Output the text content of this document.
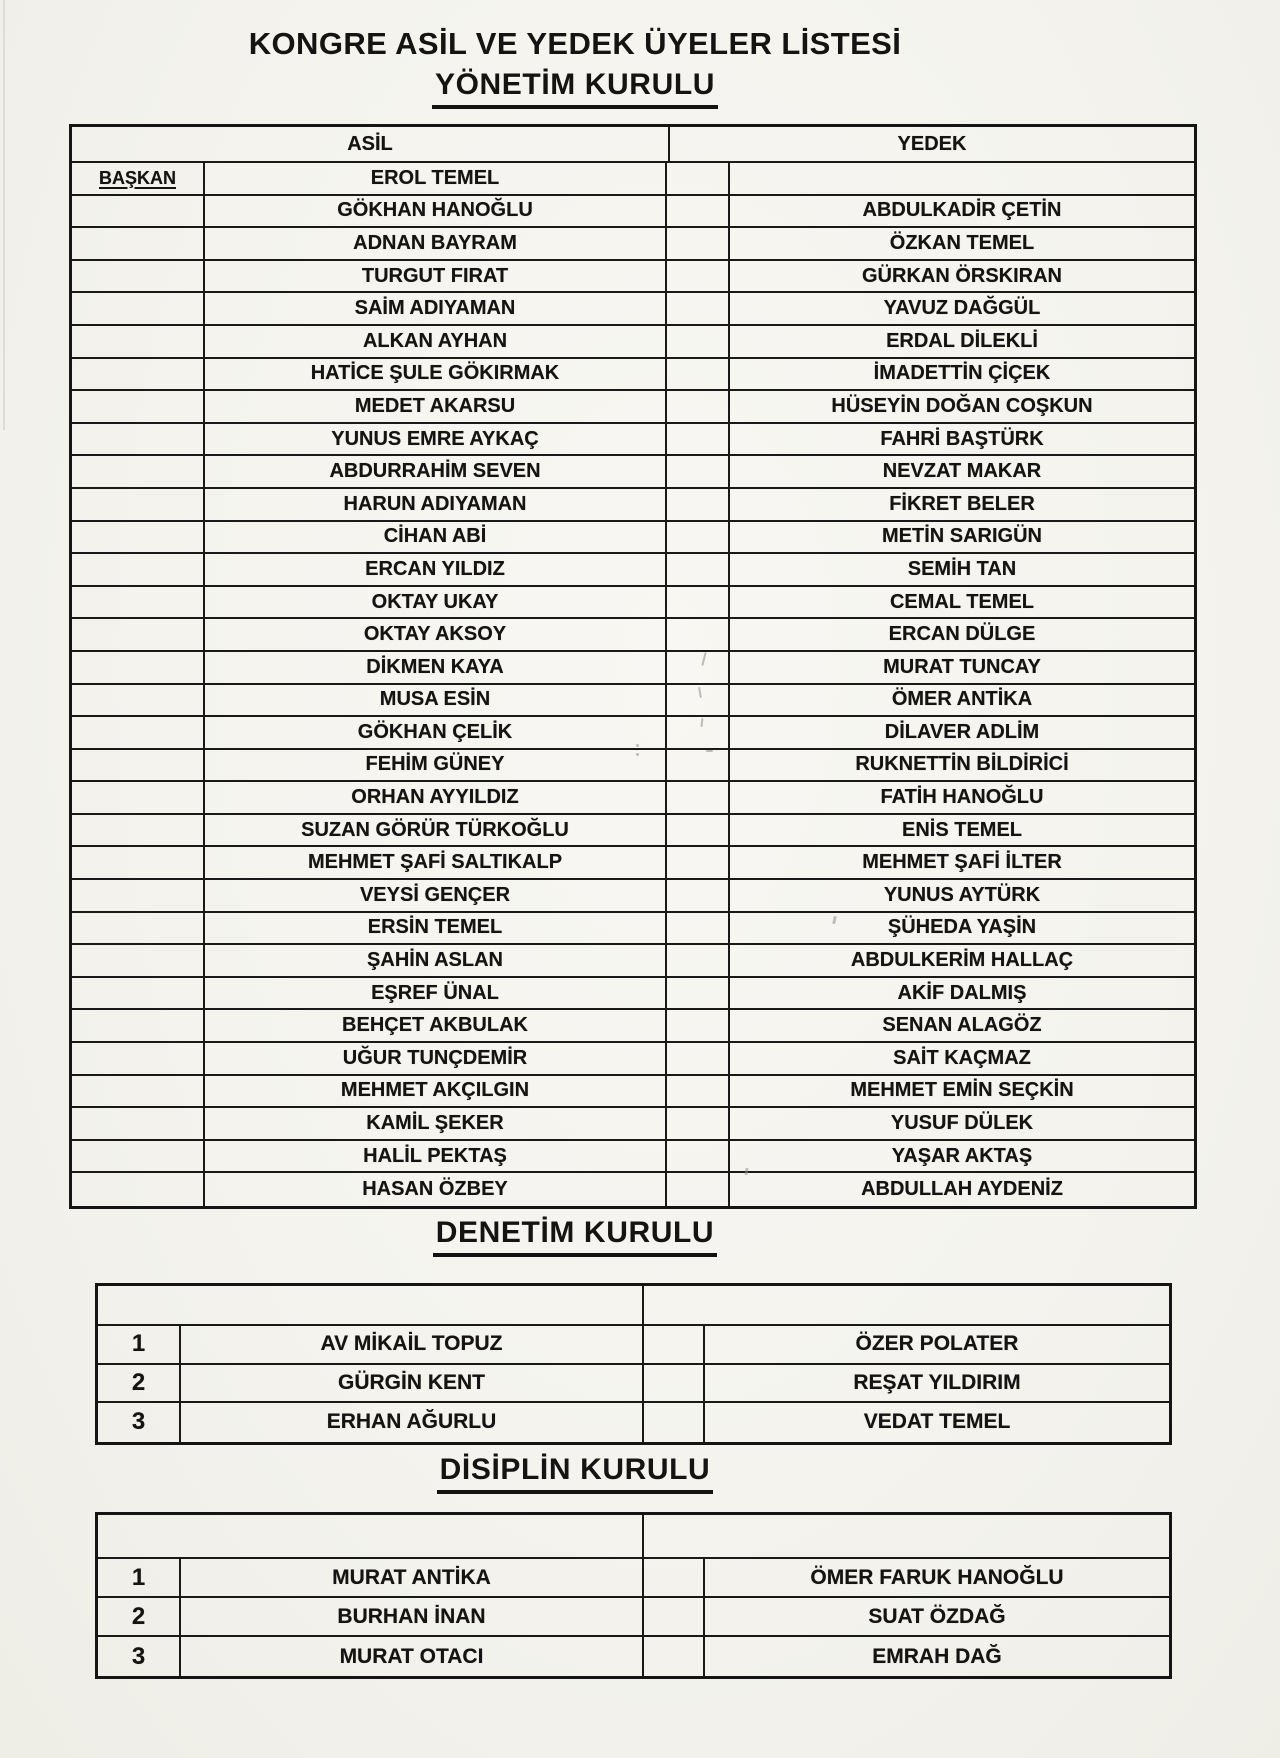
KONGRE ASİL VE YEDEK ÜYELER LİSTESİ
YÖNETİM KURULU
ASİL	YEDEK
BAŞKAN	EROL TEMEL
GÖKHAN HANOĞLU	ABDULKADİR ÇETİN
ADNAN BAYRAM	ÖZKAN TEMEL
TURGUT FIRAT	GÜRKAN ÖRSKIRAN
SAİM ADIYAMAN	YAVUZ DAĞGÜL
ALKAN AYHAN	ERDAL DİLEKLİ
HATİCE ŞULE GÖKIRMAK	İMADETTİN ÇİÇEK
MEDET AKARSU	HÜSEYİN DOĞAN COŞKUN
YUNUS EMRE AYKAÇ	FAHRİ BAŞTÜRK
ABDURRAHİM SEVEN	NEVZAT MAKAR
HARUN ADIYAMAN	FİKRET BELER
CİHAN ABİ	METİN SARIGÜN
ERCAN YILDIZ	SEMİH TAN
OKTAY UKAY	CEMAL TEMEL
OKTAY AKSOY	ERCAN DÜLGE
DİKMEN KAYA	MURAT TUNCAY
MUSA ESİN	ÖMER ANTİKA
GÖKHAN ÇELİK	DİLAVER ADLİM
FEHİM GÜNEY	RUKNETTİN BİLDİRİCİ
ORHAN AYYILDIZ	FATİH HANOĞLU
SUZAN GÖRÜR TÜRKOĞLU	ENİS TEMEL
MEHMET ŞAFİ SALTIKALP	MEHMET ŞAFİ İLTER
VEYSİ GENÇER	YUNUS AYTÜRK
ERSİN TEMEL	ŞÜHEDA YAŞİN
ŞAHİN ASLAN	ABDULKERİM HALLAÇ
EŞREF ÜNAL	AKİF DALMIŞ
BEHÇET AKBULAK	SENAN ALAGÖZ
UĞUR TUNÇDEMİR	SAİT KAÇMAZ
MEHMET AKÇILGIN	MEHMET EMİN SEÇKİN
KAMİL ŞEKER	YUSUF DÜLEK
HALİL PEKTAŞ	YAŞAR AKTAŞ
HASAN ÖZBEY	ABDULLAH AYDENİZ
DENETİM KURULU
1	AV MİKAİL TOPUZ	ÖZER POLATER
2	GÜRGİN KENT	REŞAT YILDIRIM
3	ERHAN AĞURLU	VEDAT TEMEL
DİSİPLİN KURULU
1	MURAT ANTİKA	ÖMER FARUK HANOĞLU
2	BURHAN İNAN	SUAT ÖZDAĞ
3	MURAT OTACI	EMRAH DAĞ
